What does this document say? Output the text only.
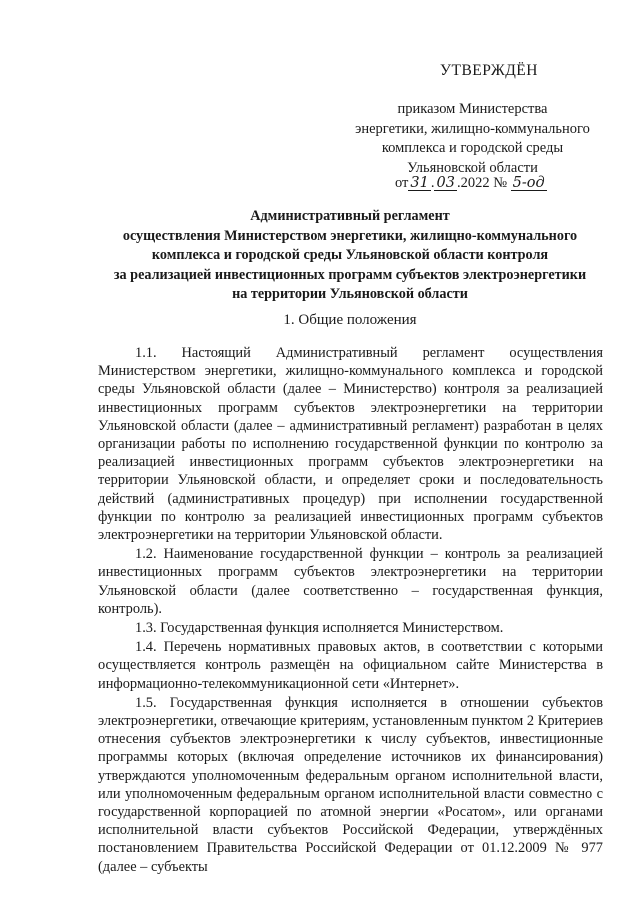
УТВЕРЖДЁН
приказом Министерства
энергетики, жилищно-коммунального
комплекса и городской среды
Ульяновской области
от 31 . 03 .2022 № 5-од
Административный регламент
осуществления Министерством энергетики, жилищно-коммунального
комплекса и городской среды Ульяновской области контроля
за реализацией инвестиционных программ субъектов электроэнергетики
на территории Ульяновской области
1. Общие положения

1.1. Настоящий Административный регламент осуществления Министерством энергетики, жилищно-коммунального комплекса и городской среды Ульяновской области (далее – Министерство) контроля за реализацией инвестиционных программ субъектов электроэнергетики на территории Ульяновской области (далее – административный регламент) разработан в целях организации работы по исполнению государственной функции по контролю за реализацией инвестиционных программ субъектов электроэнергетики на территории Ульяновской области, и определяет сроки и последовательность действий (административных процедур) при исполнении государственной функции по контролю за реализацией инвестиционных программ субъектов электроэнергетики на территории Ульяновской области.

1.2. Наименование государственной функции – контроль за реализацией инвестиционных программ субъектов электроэнергетики на территории Ульяновской области (далее соответственно – государственная функция, контроль).

1.3. Государственная функция исполняется Министерством.

1.4. Перечень нормативных правовых актов, в соответствии с которыми осуществляется контроль размещён на официальном сайте Министерства в информационно-телекоммуникационной сети «Интернет».

1.5. Государственная функция исполняется в отношении субъектов электроэнергетики, отвечающие критериям, установленным пунктом 2 Критериев отнесения субъектов электроэнергетики к числу субъектов, инвестиционные программы которых (включая определение источников их финансирования) утверждаются уполномоченным федеральным органом исполнительной власти, или уполномоченным федеральным органом исполнительной власти совместно с государственной корпорацией по атомной энергии «Росатом», или органами исполнительной власти субъектов Российской Федерации, утверждённых постановлением Правительства Российской Федерации от 01.12.2009 № 977 (далее – субъекты
